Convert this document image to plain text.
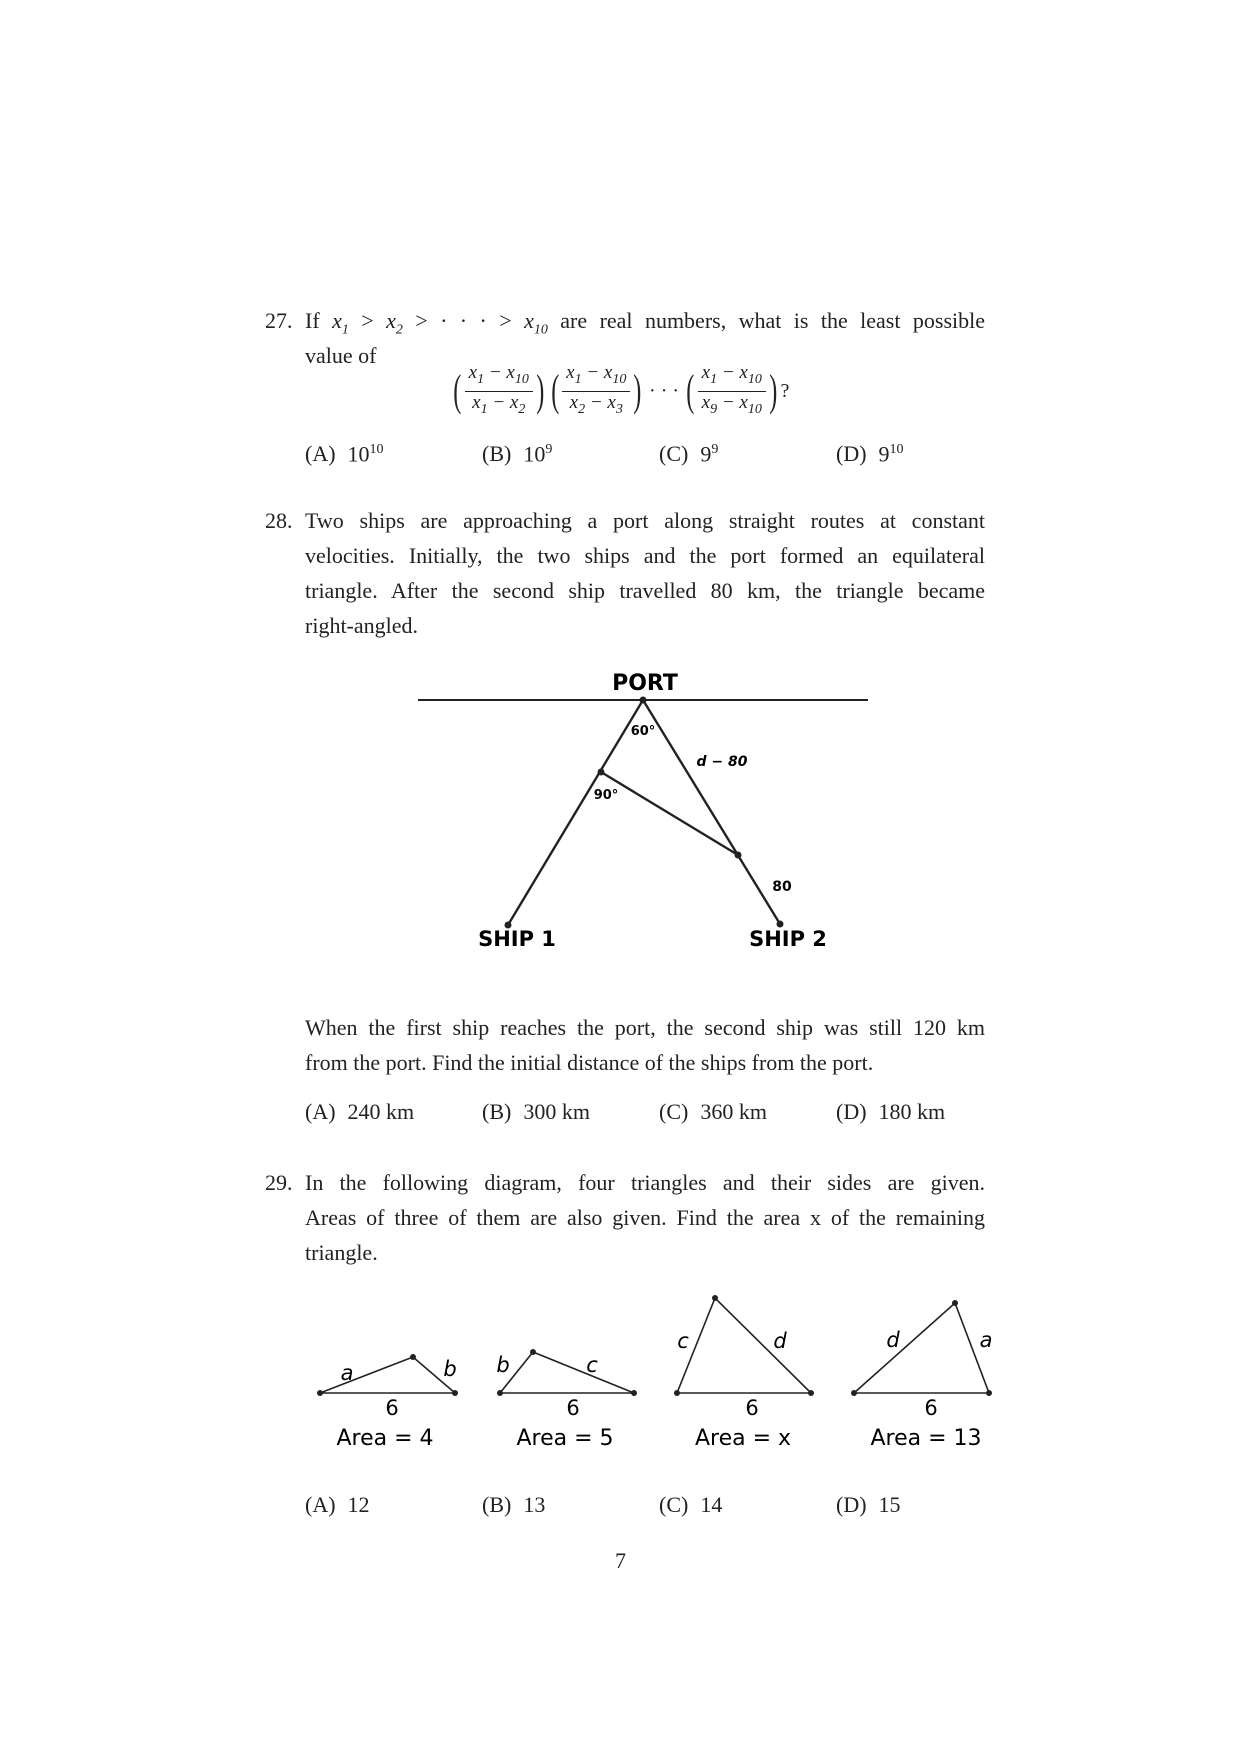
27. If $x_1 > x_2$ > · · · > $x_{10}$ are real numbers, what is the least possible
value of
( $\frac{x_1 - x_{10}}{x_1 - x_2}$ ) ( $\frac{x_1 - x_{10}}{x_2 - x_3}$ ) · · · ( $\frac{x_1 - x_{10}}{x_9 - x_{10}}$ ) ?
(A) $10^{10}$	(B) $10^9$	(C) $9^9$	(D) $9^{10}$
28. Two ships are approaching a port along straight routes at constant
velocities. Initially, the two ships and the port formed an equilateral
triangle. After the second ship travelled 80 km, the triangle became
right-angled.
PORT
60°
90°
d − 80
80
SHIP 1	SHIP 2
When the first ship reaches the port, the second ship was still 120 km
from the port. Find the initial distance of the ships from the port.
(A) 240 km	(B) 300 km	(C) 360 km	(D) 180 km
29. In the following diagram, four triangles and their sides are given.
Areas of three of them are also given. Find the area x of the remaining
triangle.
a	b
6
Area = 4
b	c
6
Area = 5
c	d
6
Area = x
d	a
6
Area = 13
(A) 12	(B) 13	(C) 14	(D) 15
7
